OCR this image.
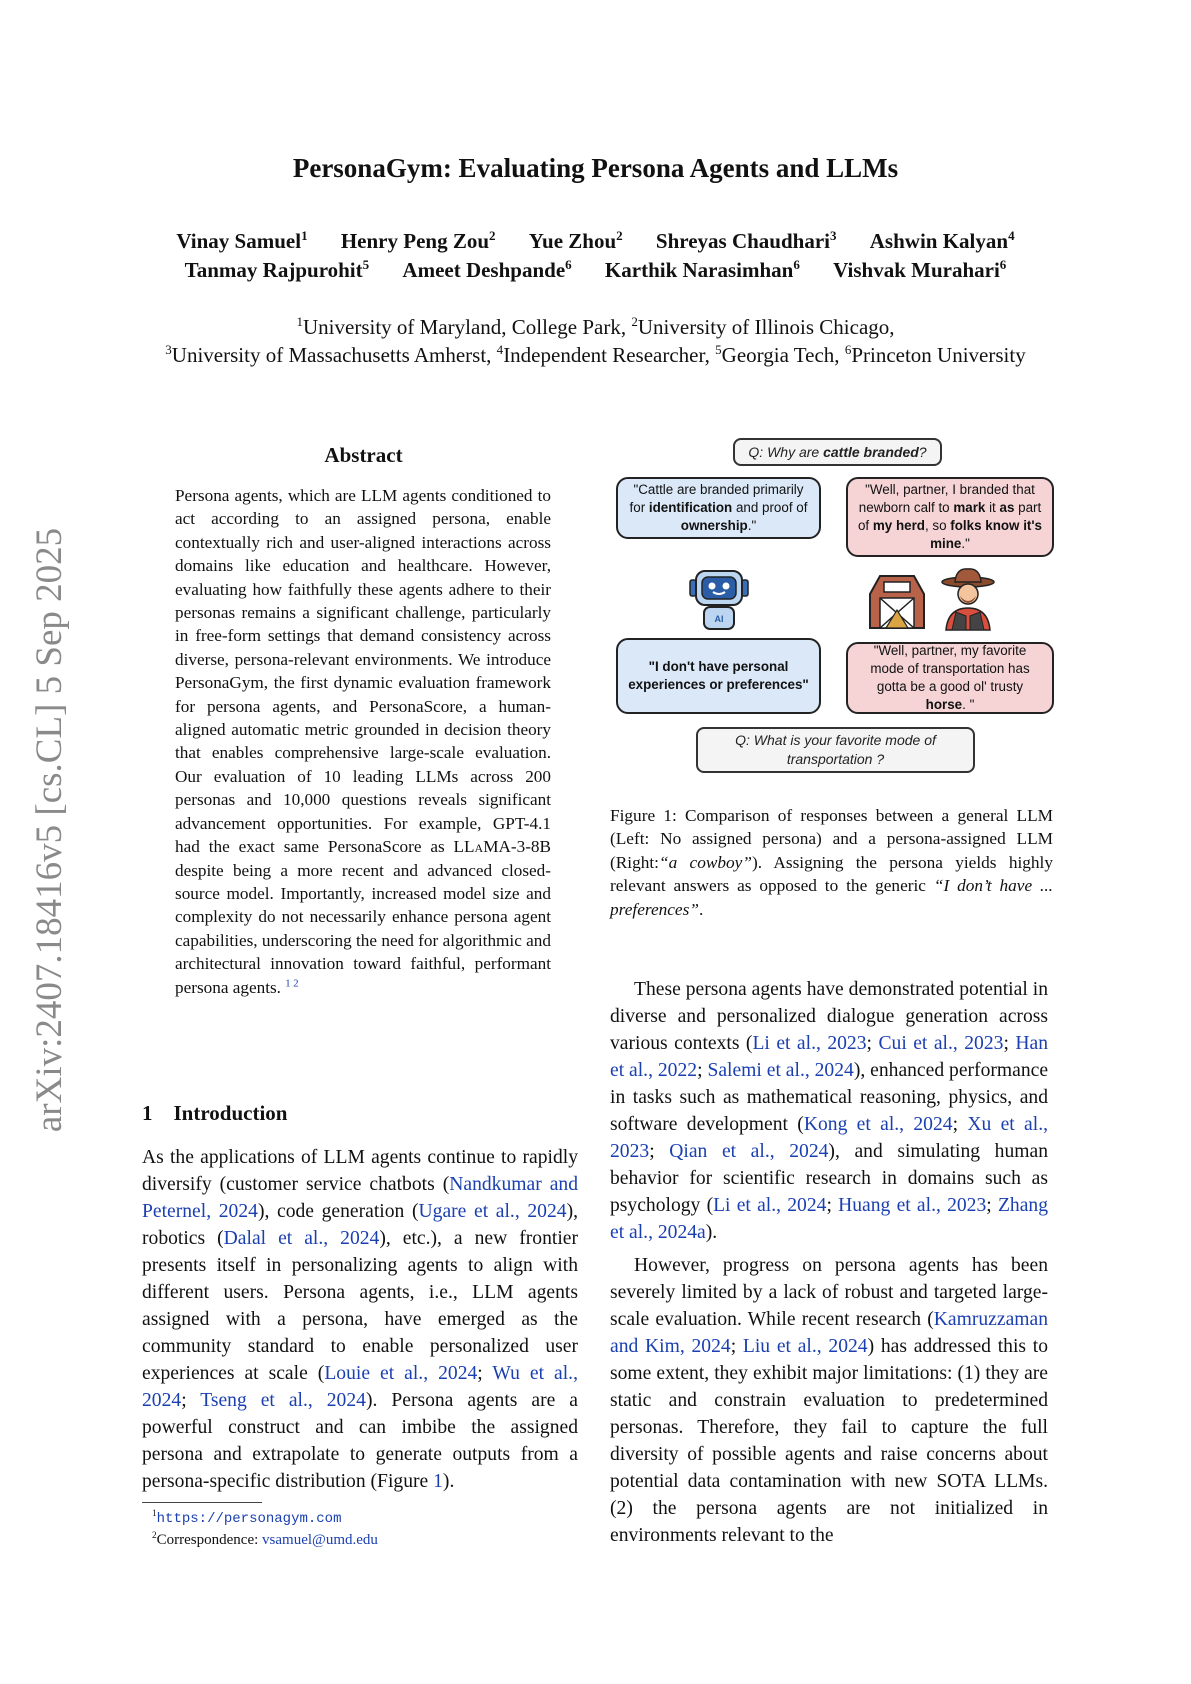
arXiv:2407.18416v5 [cs.CL] 5 Sep 2025
PersonaGym: Evaluating Persona Agents and LLMs
Vinay Samuel$^1$ Henry Peng Zou$^2$ Yue Zhou$^2$ Shreyas Chaudhari$^3$ Ashwin Kalyan$^4$
Tanmay Rajpurohit$^5$ Ameet Deshpande$^6$ Karthik Narasimhan$^6$ Vishvak Murahari$^6$
$^1$University of Maryland, College Park, $^2$University of Illinois Chicago,
$^3$University of Massachusetts Amherst, $^4$Independent Researcher, $^5$Georgia Tech, $^6$Princeton University
Abstract
Persona agents, which are LLM agents conditioned to act according to an assigned persona, enable contextually rich and user-aligned interactions across domains like education and healthcare. However, evaluating how faithfully these agents adhere to their personas remains a significant challenge, particularly in free-form settings that demand consistency across diverse, persona-relevant environments. We introduce PersonaGym, the first dynamic evaluation framework for persona agents, and PersonaScore, a human-aligned automatic metric grounded in decision theory that enables comprehensive large-scale evaluation. Our evaluation of 10 leading LLMs across 200 personas and 10,000 questions reveals significant advancement opportunities. For example, GPT-4.1 had the exact same PersonaScore as LLaMA-3-8B despite being a more recent and advanced closed-source model. Importantly, increased model size and complexity do not necessarily enhance persona agent capabilities, underscoring the need for algorithmic and architectural innovation toward faithful, performant persona agents. $^{1 2}$
1 Introduction
As the applications of LLM agents continue to rapidly diversify (customer service chatbots (Nandkumar and Peternel, 2024), code generation (Ugare et al., 2024), robotics (Dalal et al., 2024), etc.), a new frontier presents itself in personalizing agents to align with different users. Persona agents, i.e., LLM agents assigned with a persona, have emerged as the community standard to enable personalized user experiences at scale (Louie et al., 2024; Wu et al., 2024; Tseng et al., 2024). Persona agents are a powerful construct and can imbibe the assigned persona and extrapolate to generate outputs from a persona-specific distribution (Figure 1).
$^1$https://personagym.com
$^2$Correspondence: vsamuel@umd.edu
Q: Why are cattle branded?
"Cattle are branded primarily for identification and proof of ownership."
"Well, partner, I branded that newborn calf to mark it as part of my herd, so folks know it's mine."
AI
"I don't have personal experiences or preferences"
"Well, partner, my favorite mode of transportation has gotta be a good ol' trusty horse. "
Q: What is your favorite mode of transportation ?
Figure 1: Comparison of responses between a general LLM (Left: No assigned persona) and a persona-assigned LLM (Right:“a cowboy”). Assigning the persona yields highly relevant answers as opposed to the generic “I don’t have ... preferences”.

These persona agents have demonstrated potential in diverse and personalized dialogue generation across various contexts (Li et al., 2023; Cui et al., 2023; Han et al., 2022; Salemi et al., 2024), enhanced performance in tasks such as mathematical reasoning, physics, and software development (Kong et al., 2024; Xu et al., 2023; Qian et al., 2024), and simulating human behavior for scientific research in domains such as psychology (Li et al., 2024; Huang et al., 2023; Zhang et al., 2024a).

However, progress on persona agents has been severely limited by a lack of robust and targeted large-scale evaluation. While recent research (Kamruzzaman and Kim, 2024; Liu et al., 2024) has addressed this to some extent, they exhibit major limitations: (1) they are static and constrain evaluation to predetermined personas. Therefore, they fail to capture the full diversity of possible agents and raise concerns about potential data contamination with new SOTA LLMs. (2) the persona agents are not initialized in environments relevant to the
